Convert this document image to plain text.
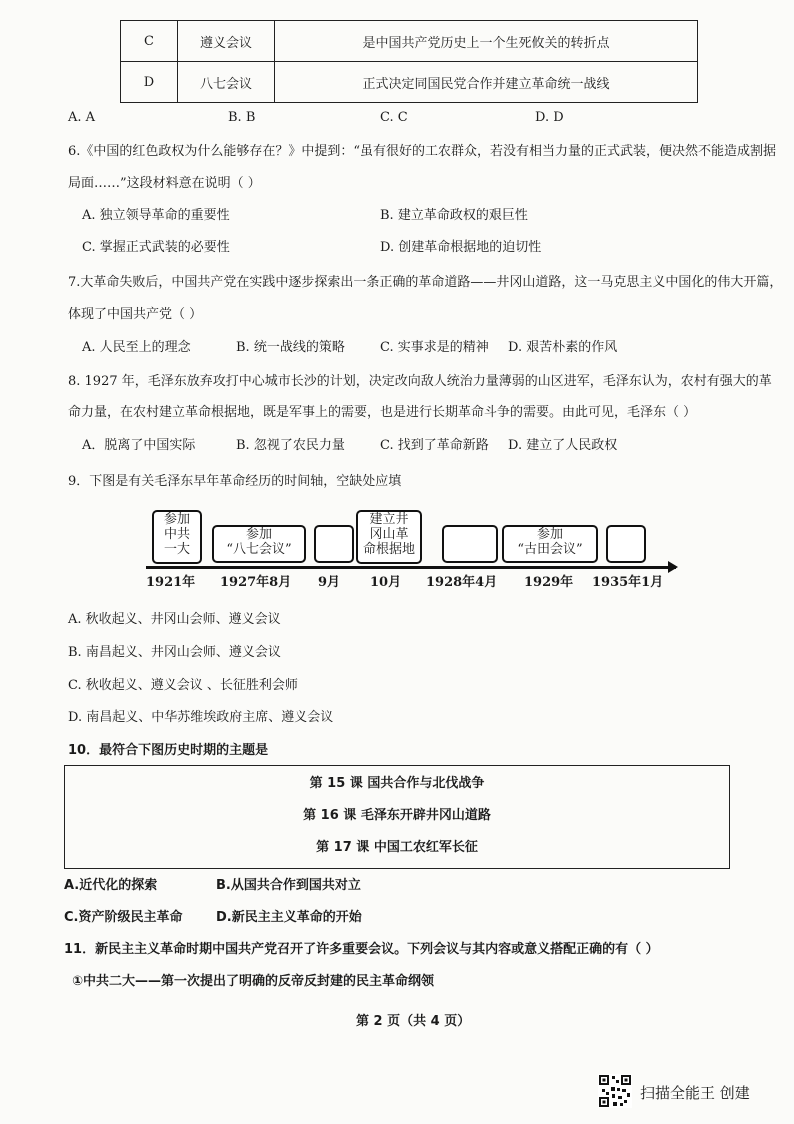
C	遵义会议	是中国共产党历史上一个生死攸关的转折点
D	八七会议	正式决定同国民党合作并建立革命统一战线
A. A	B. B	C. C	D. D
6.《中国的红色政权为什么能够存在？》中提到：“虽有很好的工农群众，若没有相当力量的正式武装，便决然不能造成割据
局面……”这段材料意在说明（ ）
A. 独立领导革命的重要性	B. 建立革命政权的艰巨性
C. 掌握正式武装的必要性	D. 创建革命根据地的迫切性
7.大革命失败后，中国共产党在实践中逐步探索出一条正确的革命道路——井冈山道路，这一马克思主义中国化的伟大开篇，
体现了中国共产党（ ）
A. 人民至上的理念	B. 统一战线的策略	C. 实事求是的精神 D. 艰苦朴素的作风
8. 1927 年，毛泽东放弃攻打中心城市长沙的计划，决定改向敌人统治力量薄弱的山区进军，毛泽东认为，农村有强大的革
命力量，在农村建立革命根据地，既是军事上的需要，也是进行长期革命斗争的需要。由此可见，毛泽东（ ）
A．脱离了中国实际	B. 忽视了农民力量	C. 找到了革命新路 D. 建立了人民政权
9．下图是有关毛泽东早年革命经历的时间轴，空缺处应填
参加
中共
一大
参加
“八七会议”
建立井
冈山革
命根据地
参加
“古田会议”
1921年 1927年8月 9月 10月 1928年4月 1929年 1935年1月
A. 秋收起义、井冈山会师、遵义会议
B. 南昌起义、井冈山会师、遵义会议
C. 秋收起义、遵义会议 、长征胜利会师
D. 南昌起义、中华苏维埃政府主席、遵义会议
10．最符合下图历史时期的主题是
第 15 课 国共合作与北伐战争
第 16 课 毛泽东开辟井冈山道路
第 17 课 中国工农红军长征
A.近代化的探索	B.从国共合作到国共对立
C.资产阶级民主革命	D.新民主主义革命的开始
11．新民主主义革命时期中国共产党召开了许多重要会议。下列会议与其内容或意义搭配正确的有（ ）
①中共二大——第一次提出了明确的反帝反封建的民主革命纲领
第 2 页（共 4 页）
扫描全能王 创建
